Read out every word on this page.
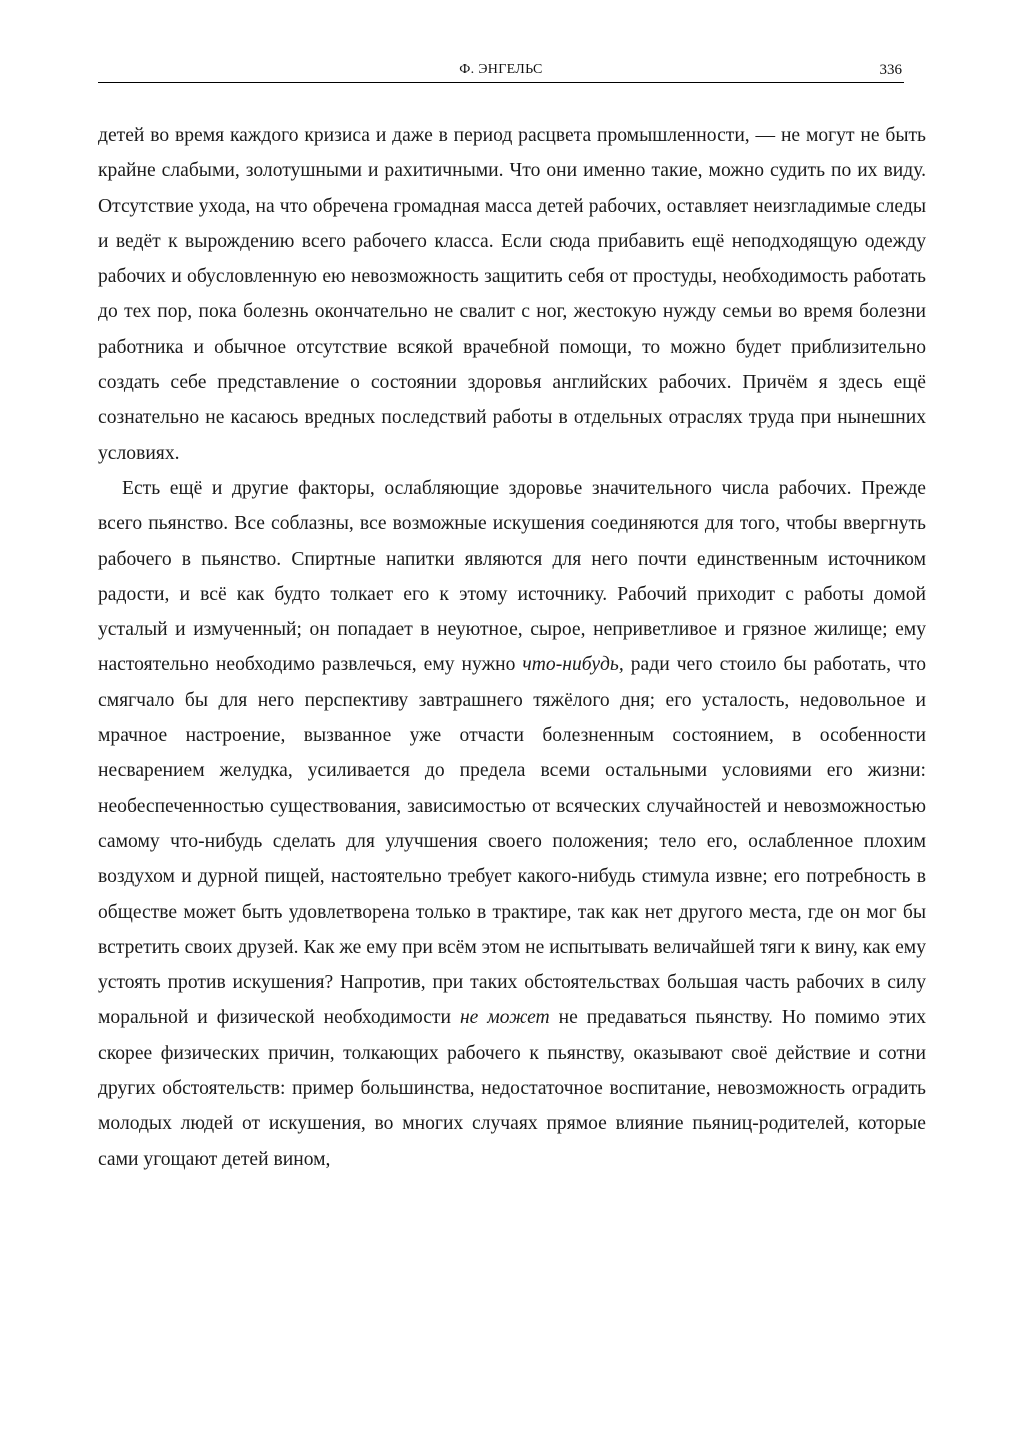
Ф. ЭНГЕЛЬС	336

детей во время каждого кризиса и даже в период расцвета промышленности, — не могут не быть крайне слабыми, золотушными и рахитичными. Что они именно такие, можно судить по их виду. Отсутствие ухода, на что обречена громадная масса детей рабочих, оставляет неизгладимые следы и ведёт к вырождению всего рабочего класса. Если сюда прибавить ещё неподходящую одежду рабочих и обусловленную ею невозможность защитить себя от простуды, необходимость работать до тех пор, пока болезнь окончательно не свалит с ног, жестокую нужду семьи во время болезни работника и обычное отсутствие всякой врачебной помощи, то можно будет приблизительно создать себе представление о состоянии здоровья английских рабочих. Причём я здесь ещё сознательно не касаюсь вредных последствий работы в отдельных отраслях труда при нынешних условиях.

Есть ещё и другие факторы, ослабляющие здоровье значительного числа рабочих. Прежде всего пьянство. Все соблазны, все возможные искушения соединяются для того, чтобы ввергнуть рабочего в пьянство. Спиртные напитки являются для него почти единственным источником радости, и всё как будто толкает его к этому источнику. Рабочий приходит с работы домой усталый и измученный; он попадает в неуютное, сырое, неприветливое и грязное жилище; ему настоятельно необходимо развлечься, ему нужно что-нибудь, ради чего стоило бы работать, что смягчало бы для него перспективу завтрашнего тяжёлого дня; его усталость, недовольное и мрачное настроение, вызванное уже отчасти болезненным состоянием, в особенности несварением желудка, усиливается до предела всеми остальными условиями его жизни: необеспеченностью существования, зависимостью от всяческих случайностей и невозможностью самому что-нибудь сделать для улучшения своего положения; тело его, ослабленное плохим воздухом и дурной пищей, настоятельно требует какого-нибудь стимула извне; его потребность в обществе может быть удовлетворена только в трактире, так как нет другого места, где он мог бы встретить своих друзей. Как же ему при всём этом не испытывать величайшей тяги к вину, как ему устоять против искушения? Напротив, при таких обстоятельствах большая часть рабочих в силу моральной и физической необходимости не может не предаваться пьянству. Но помимо этих скорее физических причин, толкающих рабочего к пьянству, оказывают своё действие и сотни других обстоятельств: пример большинства, недостаточное воспитание, невозможность оградить молодых людей от искушения, во многих случаях прямое влияние пьяниц-родителей, которые сами угощают детей вином,
